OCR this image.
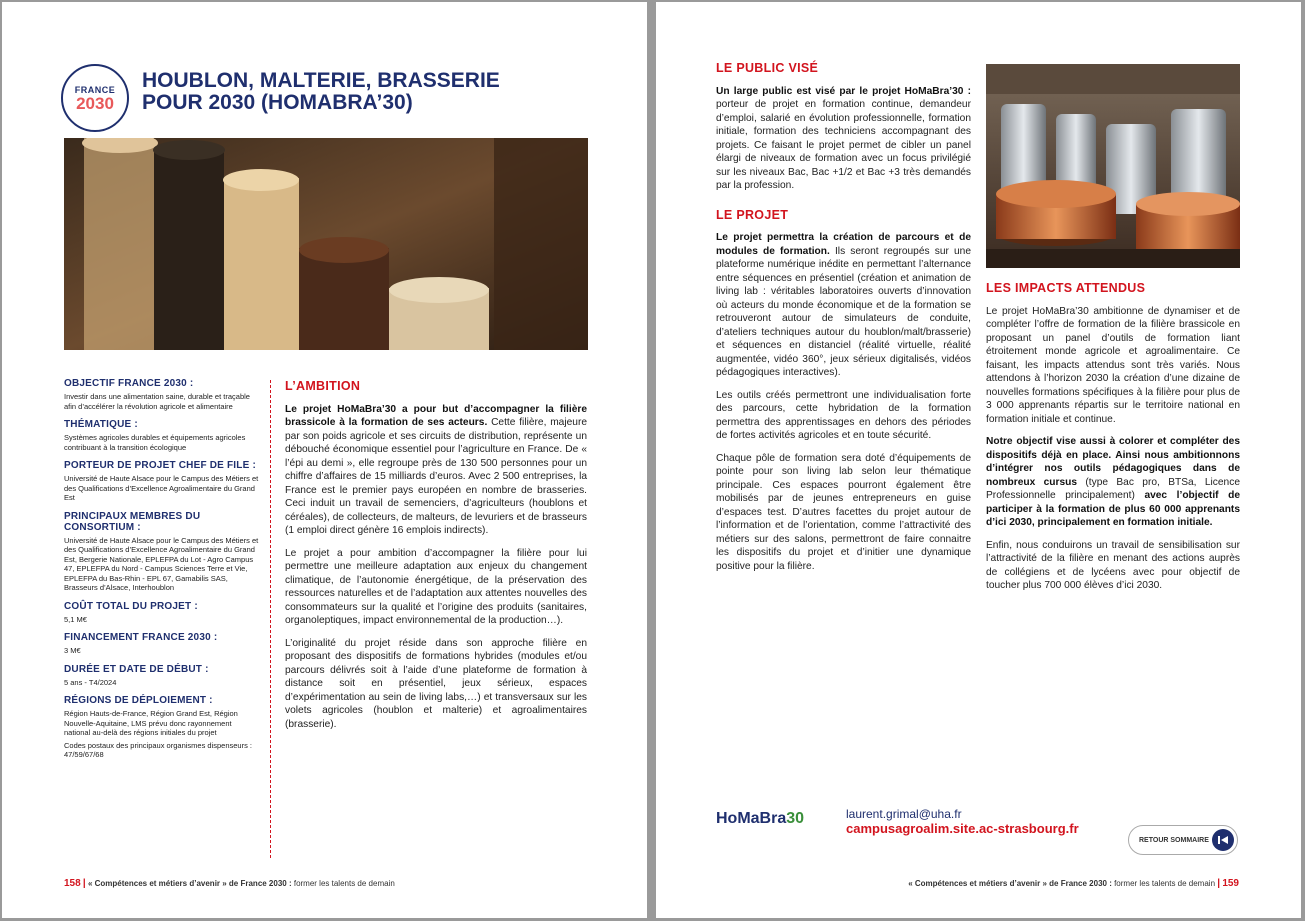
FRANCE
2030
HOUBLON, MALTERIE, BRASSERIE POUR 2030 (HOMABRA’30)
OBJECTIF FRANCE 2030 :

Investir dans une alimentation saine, durable et traçable afin d’accélérer la révolution agricole et alimentaire

THÉMATIQUE :

Systèmes agricoles durables et équipements agricoles contribuant à la transition écologique

PORTEUR DE PROJET CHEF DE FILE :

Université de Haute Alsace pour le Campus des Métiers et des Qualifications d’Excellence Agroalimentaire du Grand Est

PRINCIPAUX MEMBRES DU CONSORTIUM :

Université de Haute Alsace pour le Campus des Métiers et des Qualifications d’Excellence Agroalimentaire du Grand Est, Bergerie Nationale, EPLEFPA du Lot - Agro Campus 47, EPLEFPA du Nord - Campus Sciences Terre et Vie, EPLEFPA du Bas-Rhin - EPL 67, Gamabilis SAS, Brasseurs d’Alsace, Interhoublon

COÛT TOTAL DU PROJET :

5,1 M€

FINANCEMENT FRANCE 2030 :

3 M€

DURÉE ET DATE DE DÉBUT :

5 ans - T4/2024

RÉGIONS DE DÉPLOIEMENT :

Région Hauts-de-France, Région Grand Est, Région Nouvelle-Aquitaine, LMS prévu donc rayonnement national au-delà des régions initiales du projet

Codes postaux des principaux organismes dispenseurs : 47/59/67/68

L’AMBITION

Le projet HoMaBra’30 a pour but d’accompagner la filière brassicole à la formation de ses acteurs. Cette filière, majeure par son poids agricole et ses circuits de distribution, représente un débouché économique essentiel pour l’agriculture en France. De « l’épi au demi », elle regroupe près de 130 500 personnes pour un chiffre d’affaires de 15 milliards d’euros. Avec 2 500 entreprises, la France est le premier pays européen en nombre de brasseries. Ceci induit un travail de semenciers, d’agriculteurs (houblons et céréales), de collecteurs, de malteurs, de levuriers et de brasseurs (1 emploi direct génère 16 emplois indirects).

Le projet a pour ambition d’accompagner la filière pour lui permettre une meilleure adaptation aux enjeux du changement climatique, de l’autonomie énergétique, de la préservation des ressources naturelles et de l’adaptation aux attentes nouvelles des consommateurs sur la qualité et l’origine des produits (sanitaires, organoleptiques, impact environnemental de la production…).

L’originalité du projet réside dans son approche filière en proposant des dispositifs de formations hybrides (modules et/ou parcours délivrés soit à l’aide d’une plateforme de formation à distance soit en présentiel, jeux sérieux, espaces d’expérimentation au sein de living labs,…) et transversaux sur les volets agricoles (houblon et malterie) et agroalimentaires (brasserie).

158 | « Compétences et métiers d’avenir » de France 2030 : former les talents de demain
LE PUBLIC VISÉ

Un large public est visé par le projet HoMaBra’30 : porteur de projet en formation continue, demandeur d’emploi, salarié en évolution professionnelle, formation initiale, formation des techniciens accompagnant des projets. Ce faisant le projet permet de cibler un panel élargi de niveaux de formation avec un focus privilégié sur les niveaux Bac, Bac +1/2 et Bac +3 très demandés par la profession.

LE PROJET

Le projet permettra la création de parcours et de modules de formation. Ils seront regroupés sur une plateforme numérique inédite en permettant l’alternance entre séquences en présentiel (création et animation de living lab : véritables laboratoires ouverts d’innovation où acteurs du monde économique et de la formation se retrouveront autour de simulateurs de conduite, d’ateliers techniques autour du houblon/malt/brasserie) et séquences en distanciel (réalité virtuelle, réalité augmentée, vidéo 360°, jeux sérieux digitalisés, vidéos pédagogiques interactives).

Les outils créés permettront une individualisation forte des parcours, cette hybridation de la formation permettra des apprentissages en dehors des périodes de fortes activités agricoles et en toute sécurité.

Chaque pôle de formation sera doté d’équipements de pointe pour son living lab selon leur thématique principale. Ces espaces pourront également être mobilisés par de jeunes entrepreneurs en guise d’espaces test. D’autres facettes du projet autour de l’information et de l’orientation, comme l’attractivité des métiers sur des salons, permettront de faire connaitre les dispositifs du projet et d’initier une dynamique positive pour la filière.

LES IMPACTS ATTENDUS

Le projet HoMaBra’30 ambitionne de dynamiser et de compléter l’offre de formation de la filière brassicole en proposant un panel d’outils de formation liant étroitement monde agricole et agroalimentaire. Ce faisant, les impacts attendus sont très variés. Nous attendons à l’horizon 2030 la création d’une dizaine de nouvelles formations spécifiques à la filière pour plus de 3 000 apprenants répartis sur le territoire national en formation initiale et continue.

Notre objectif vise aussi à colorer et compléter des dispositifs déjà en place. Ainsi nous ambitionnons d’intégrer nos outils pédagogiques dans de nombreux cursus (type Bac pro, BTSa, Licence Professionnelle principalement) avec l’objectif de participer à la formation de plus 60 000 apprenants d’ici 2030, principalement en formation initiale.

Enfin, nous conduirons un travail de sensibilisation sur l’attractivité de la filière en menant des actions auprès de collégiens et de lycéens avec pour objectif de toucher plus 700 000 élèves d’ici 2030.

HoMaBra30	laurent.grimal@uha.fr
campusagroalim.site.ac-strasbourg.fr
RETOUR SOMMAIRE
« Compétences et métiers d’avenir » de France 2030 : former les talents de demain | 159
